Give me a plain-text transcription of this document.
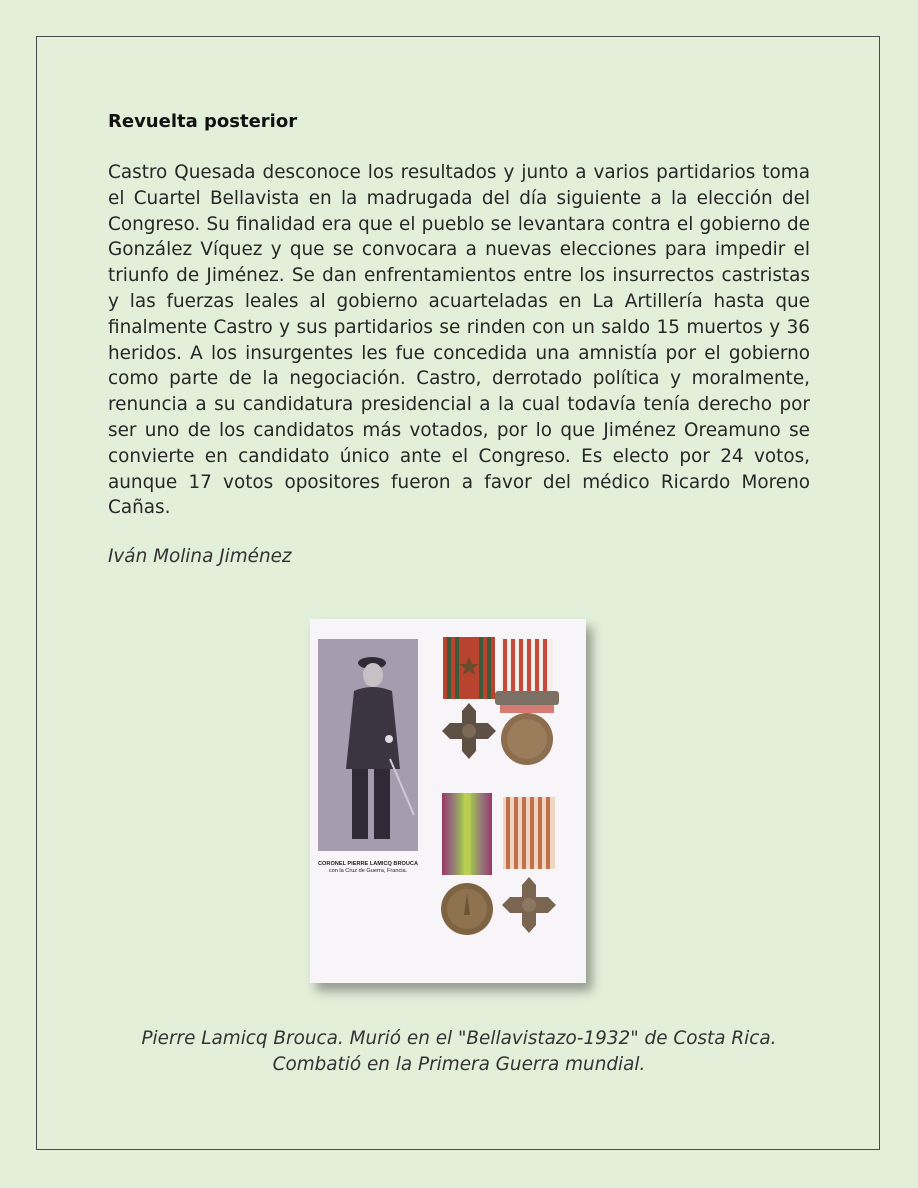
Revuelta posterior

Castro Quesada desconoce los resultados y junto a varios partidarios toma el Cuartel Bellavista en la madrugada del día siguiente a la elección del Congreso. Su finalidad era que el pueblo se levantara contra el gobierno de González Víquez y que se convocara a nuevas elecciones para impedir el triunfo de Jiménez. Se dan enfrentamientos entre los insurrectos castristas y las fuerzas leales al gobierno acuarteladas en La Artillería hasta que finalmente Castro y sus partidarios se rinden con un saldo 15 muertos y 36 heridos. A los insurgentes les fue concedida una amnistía por el gobierno como parte de la negociación. Castro, derrotado política y moralmente, renuncia a su candidatura presidencial a la cual todavía tenía derecho por ser uno de los candidatos más votados, por lo que Jiménez Oreamuno se convierte en candidato único ante el Congreso. Es electo por 24 votos, aunque 17 votos opositores fueron a favor del médico Ricardo Moreno Cañas.

Iván Molina Jiménez

CORONEL PIERRE LAMICQ BROUCA
con la Cruz de Guerra, Francia.
Pierre Lamicq Brouca. Murió en el "Bellavistazo-1932" de Costa Rica.
Combatió en la Primera Guerra mundial.
